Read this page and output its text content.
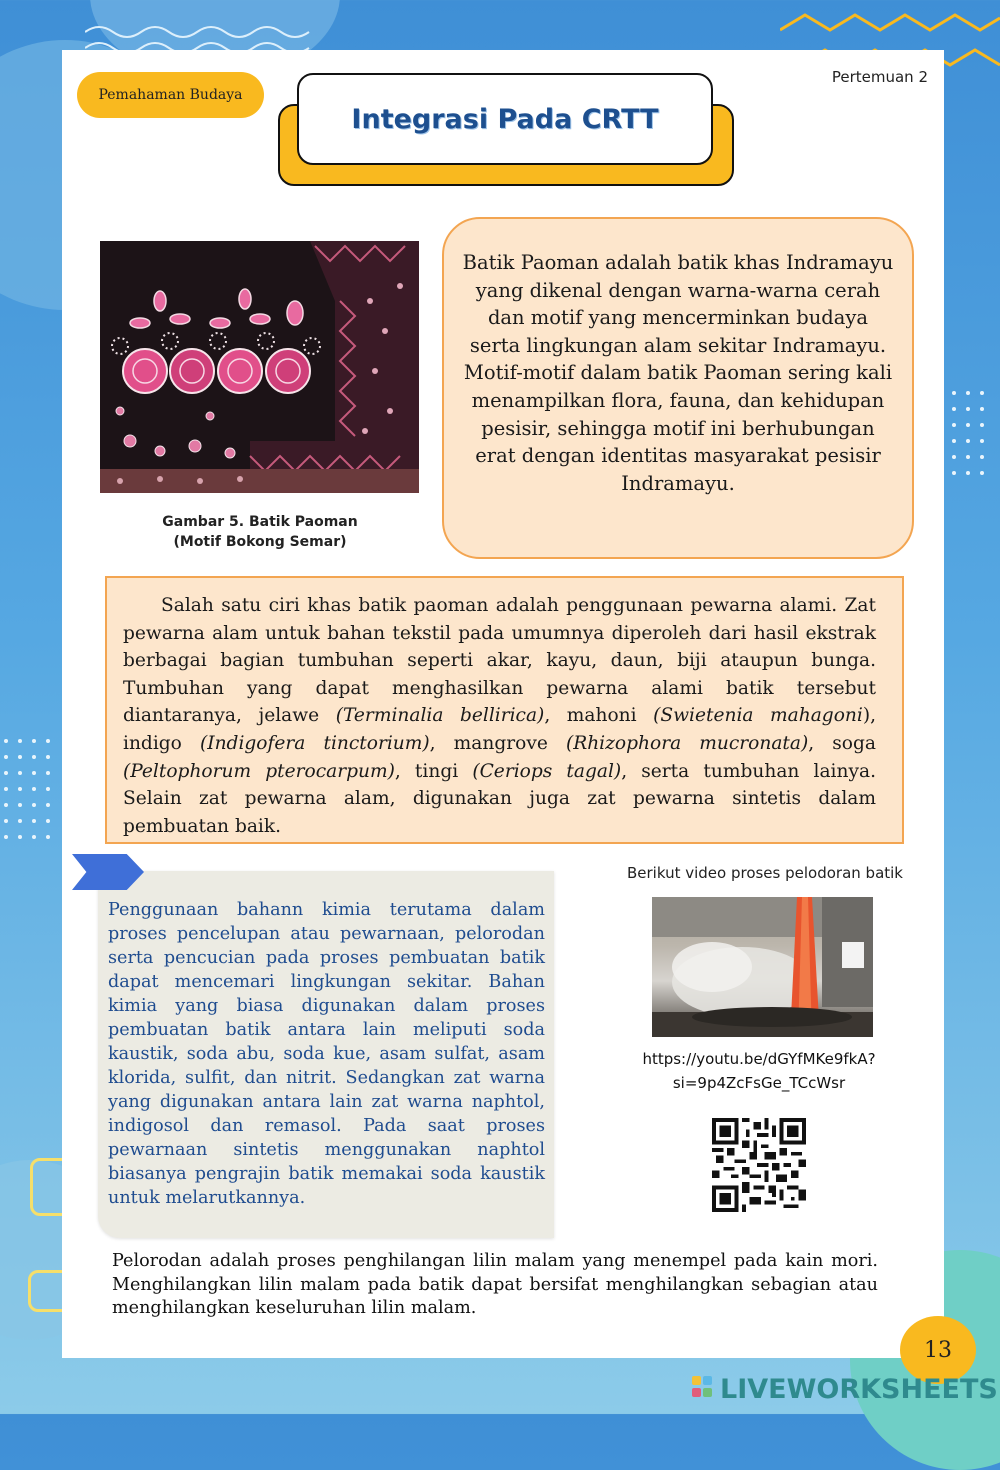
Pemahaman Budaya
Pertemuan 2
Integrasi Pada CRTT
Gambar 5. Batik Paoman
(Motif Bokong Semar)
Batik Paoman adalah batik khas Indramayu yang dikenal dengan warna-warna cerah dan motif yang mencerminkan budaya serta lingkungan alam sekitar Indramayu. Motif-motif dalam batik Paoman sering kali menampilkan flora, fauna, dan kehidupan pesisir, sehingga motif ini berhubungan erat dengan identitas masyarakat pesisir Indramayu.

Salah satu ciri khas batik paoman adalah penggunaan pewarna alami. Zat pewarna alam untuk bahan tekstil pada umumnya diperoleh dari hasil ekstrak berbagai bagian tumbuhan seperti akar, kayu, daun, biji ataupun bunga. Tumbuhan yang dapat menghasilkan pewarna alami batik tersebut diantaranya, jelawe (Terminalia bellirica), mahoni (Swietenia mahagoni), indigo (Indigofera tinctorium), mangrove (Rhizophora mucronata), soga (Peltophorum pterocarpum), tingi (Ceriops tagal), serta tumbuhan lainya. Selain zat pewarna alam, digunakan juga zat pewarna sintetis dalam pembuatan baik.

Penggunaan bahann kimia terutama dalam proses pencelupan atau pewarnaan, pelorodan serta pencucian pada proses pembuatan batik dapat mencemari lingkungan sekitar. Bahan kimia yang biasa digunakan dalam proses pembuatan batik antara lain meliputi soda kaustik, soda abu, soda kue, asam sulfat, asam klorida, sulfit, dan nitrit. Sedangkan zat warna yang digunakan antara lain zat warna naphtol, indigosol dan remasol. Pada saat proses pewarnaan sintetis menggunakan naphtol biasanya pengrajin batik memakai soda kaustik untuk melarutkannya.
Berikut video proses pelodoran batik
https://youtu.be/dGYfMKe9fkA?
si=9p4ZcFsGe_TCcWsr
Pelorodan adalah proses penghilangan lilin malam yang menempel pada kain mori. Menghilangkan lilin malam pada batik dapat bersifat menghilangkan sebagian atau menghilangkan keseluruhan lilin malam.
13
LIVEWORKSHEETS
